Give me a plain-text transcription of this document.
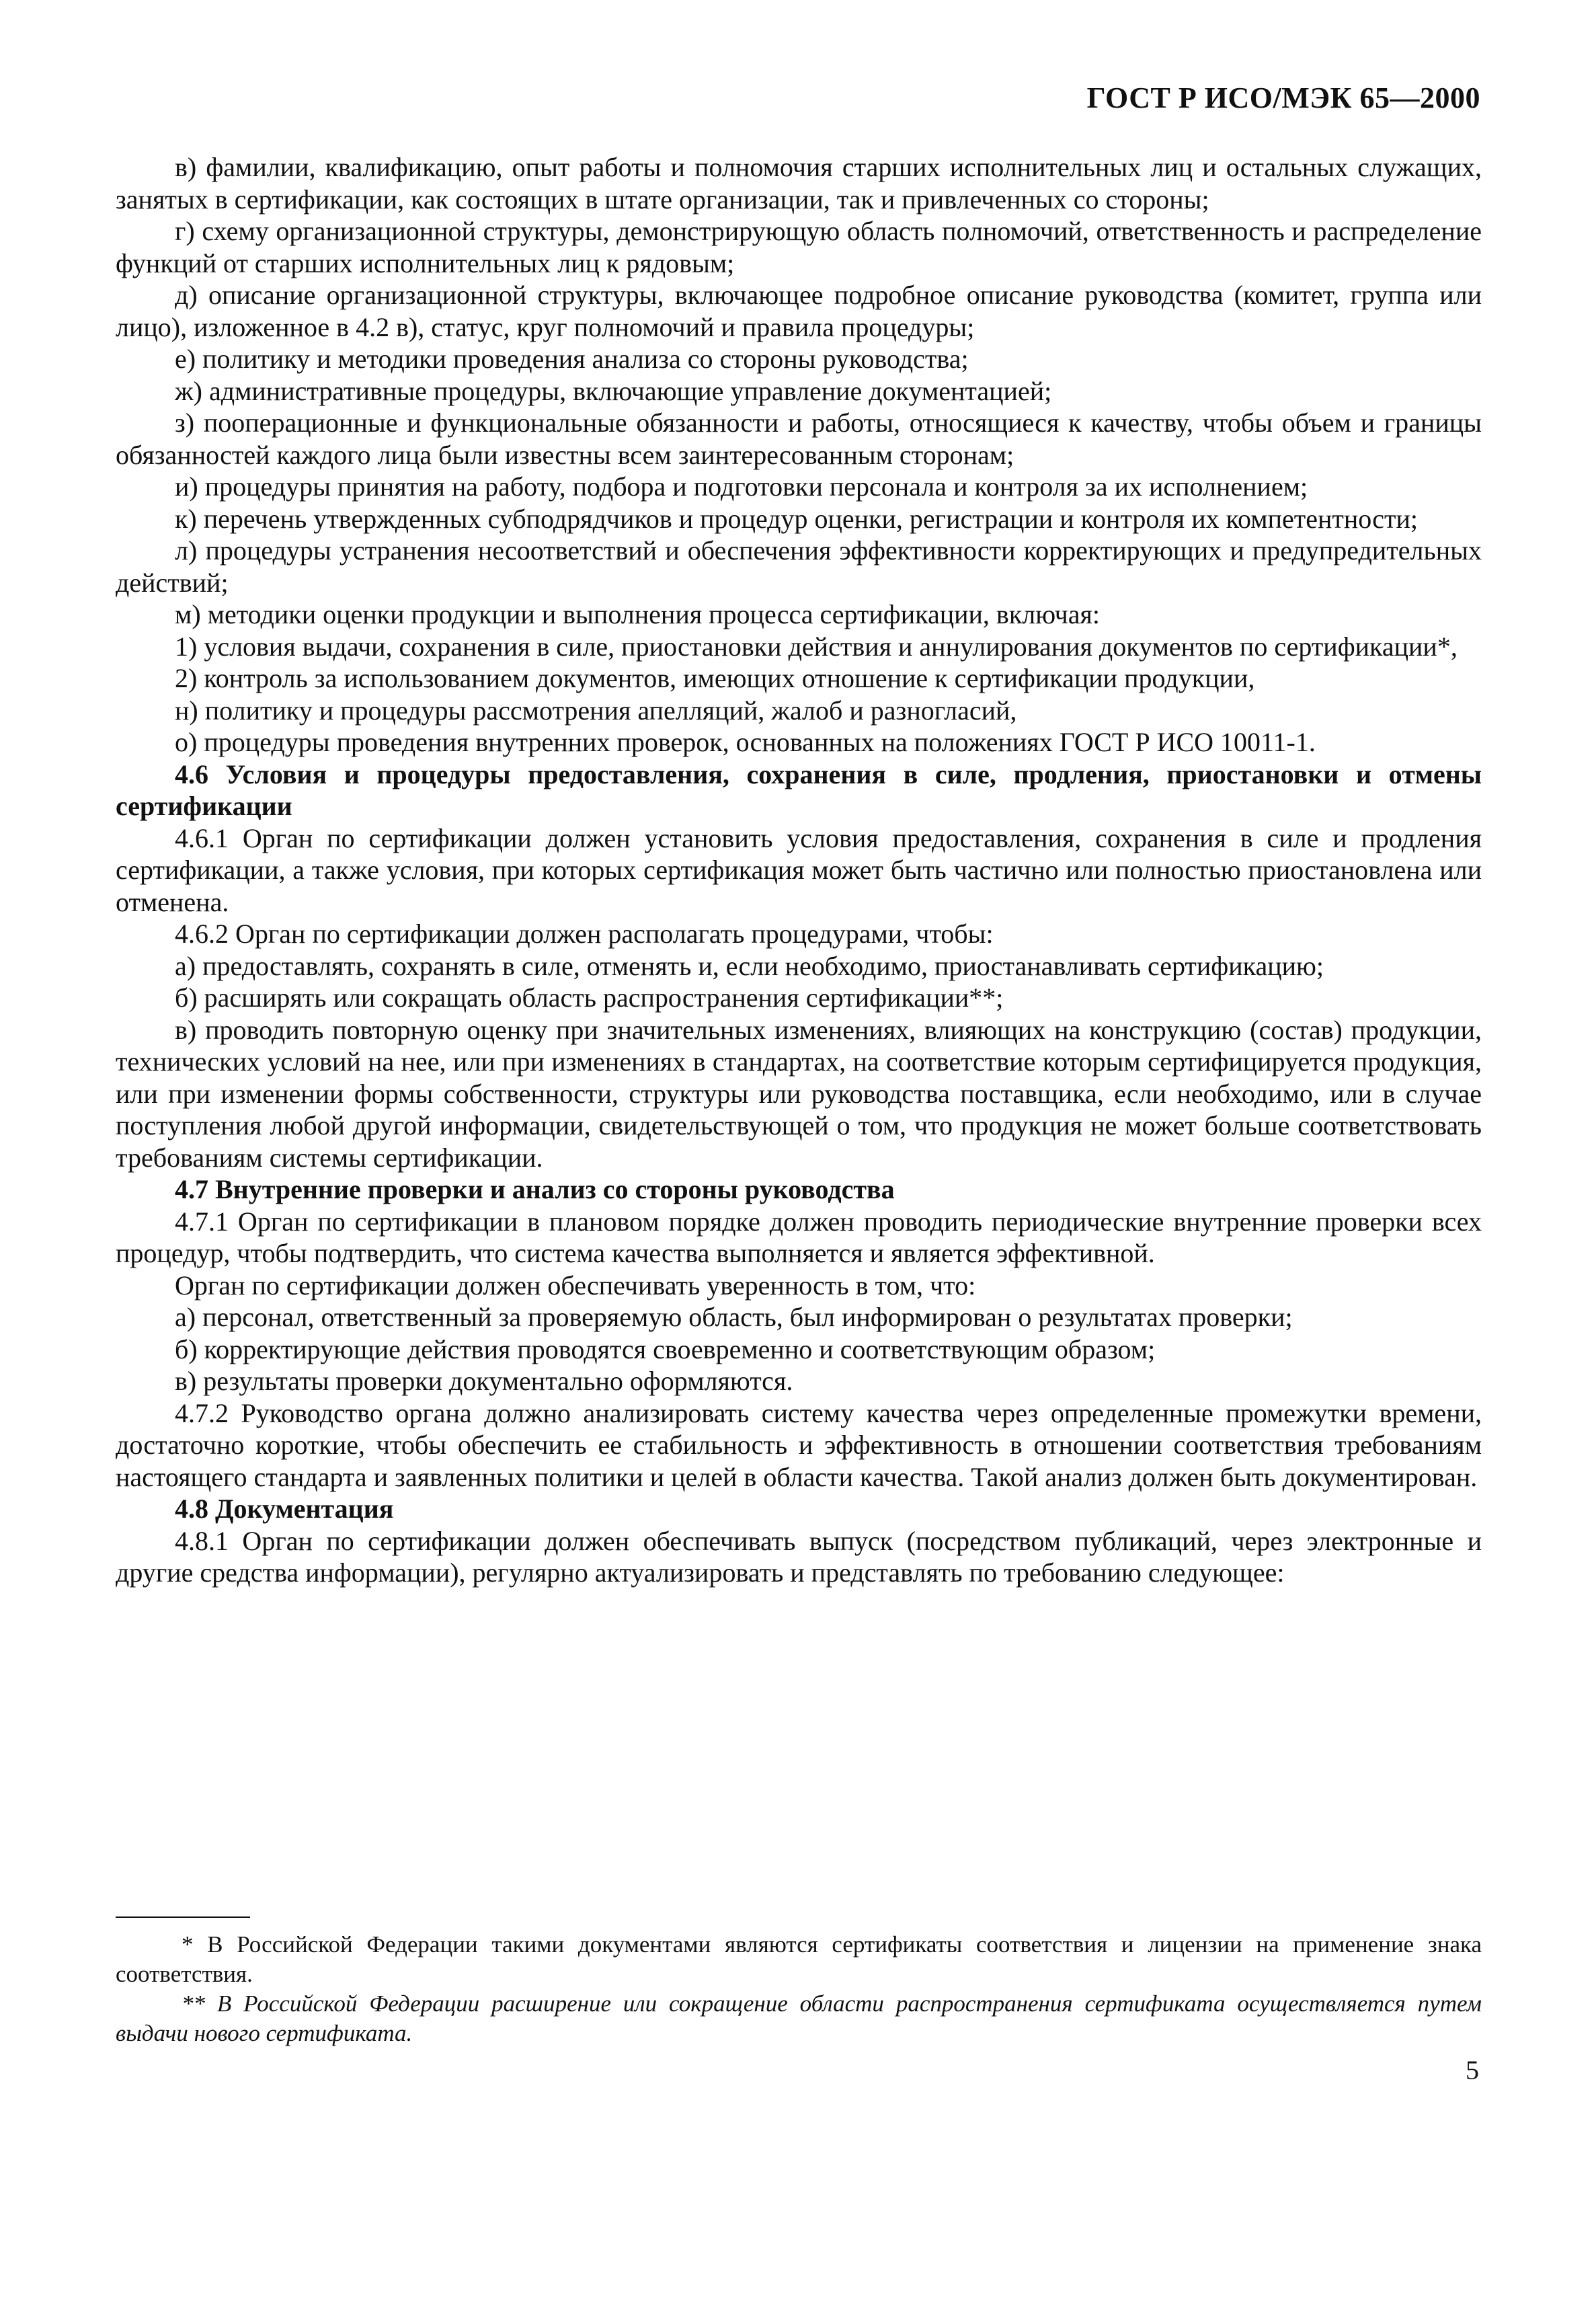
ГОСТ Р ИСО/МЭК 65—2000

в) фамилии, квалификацию, опыт работы и полномочия старших исполнительных лиц и остальных служащих, занятых в сертификации, как состоящих в штате организации, так и привлеченных со стороны;

г) схему организационной структуры, демонстрирующую область полномочий, ответственность и распределение функций от старших исполнительных лиц к рядовым;

д) описание организационной структуры, включающее подробное описание руководства (комитет, группа или лицо), изложенное в 4.2 в), статус, круг полномочий и правила процедуры;

е) политику и методики проведения анализа со стороны руководства;

ж) административные процедуры, включающие управление документацией;

з) пооперационные и функциональные обязанности и работы, относящиеся к качеству, чтобы объем и границы обязанностей каждого лица были известны всем заинтересованным сторонам;

и) процедуры принятия на работу, подбора и подготовки персонала и контроля за их исполнением;

к) перечень утвержденных субподрядчиков и процедур оценки, регистрации и контроля их компетентности;

л) процедуры устранения несоответствий и обеспечения эффективности корректирующих и предупредительных действий;

м) методики оценки продукции и выполнения процесса сертификации, включая:

1) условия выдачи, сохранения в силе, приостановки действия и аннулирования документов по сертификации*,

2) контроль за использованием документов, имеющих отношение к сертификации продукции,

н) политику и процедуры рассмотрения апелляций, жалоб и разногласий,

о) процедуры проведения внутренних проверок, основанных на положениях ГОСТ Р ИСО 10011-1.

4.6 Условия и процедуры предоставления, сохранения в силе, продления, приостановки и отмены сертификации

4.6.1 Орган по сертификации должен установить условия предоставления, сохранения в силе и продления сертификации, а также условия, при которых сертификация может быть частично или полностью приостановлена или отменена.

4.6.2 Орган по сертификации должен располагать процедурами, чтобы:

а) предоставлять, сохранять в силе, отменять и, если необходимо, приостанавливать сертификацию;

б) расширять или сокращать область распространения сертификации**;

в) проводить повторную оценку при значительных изменениях, влияющих на конструкцию (состав) продукции, технических условий на нее, или при изменениях в стандартах, на соответствие которым сертифицируется продукция, или при изменении формы собственности, структуры или руководства поставщика, если необходимо, или в случае поступления любой другой информации, свидетельствующей о том, что продукция не может больше соответствовать требованиям системы сертификации.

4.7 Внутренние проверки и анализ со стороны руководства

4.7.1 Орган по сертификации в плановом порядке должен проводить периодические внутренние проверки всех процедур, чтобы подтвердить, что система качества выполняется и является эффективной.

Орган по сертификации должен обеспечивать уверенность в том, что:

а) персонал, ответственный за проверяемую область, был информирован о результатах проверки;

б) корректирующие действия проводятся своевременно и соответствующим образом;

в) результаты проверки документально оформляются.

4.7.2 Руководство органа должно анализировать систему качества через определенные промежутки времени, достаточно короткие, чтобы обеспечить ее стабильность и эффективность в отношении соответствия требованиям настоящего стандарта и заявленных политики и целей в области качества. Такой анализ должен быть документирован.

4.8 Документация

4.8.1 Орган по сертификации должен обеспечивать выпуск (посредством публикаций, через электронные и другие средства информации), регулярно актуализировать и представлять по требованию следующее:

* В Российской Федерации такими документами являются сертификаты соответствия и лицензии на применение знака соответствия.

** В Российской Федерации расширение или сокращение области распространения сертификата осуществляется путем выдачи нового сертификата.

5
